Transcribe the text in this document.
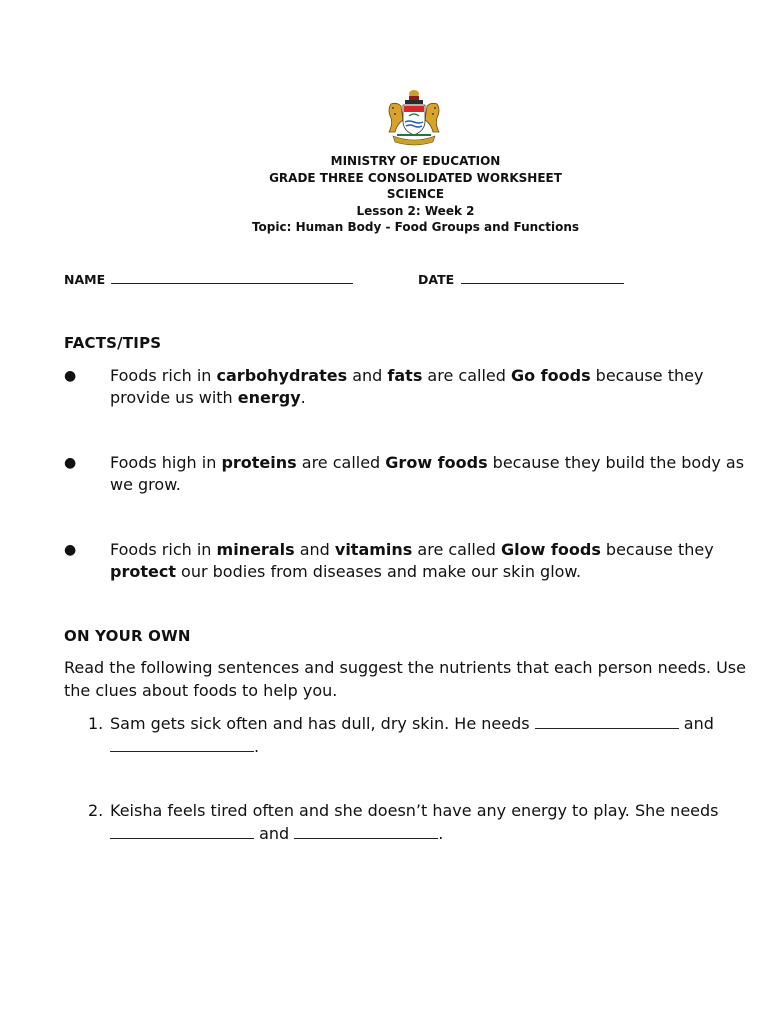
MINISTRY OF EDUCATION
GRADE THREE CONSOLIDATED WORKSHEET
SCIENCE
Lesson 2: Week 2
Topic: Human Body - Food Groups and Functions
NAME	DATE
FACTS/TIPS
● Foods rich in carbohydrates and fats are called Go foods because they provide us with energy.
● Foods high in proteins are called Grow foods because they build the body as we grow.
● Foods rich in minerals and vitamins are called Glow foods because they protect our bodies from diseases and make our skin glow.
ON YOUR OWN
Read the following sentences and suggest the nutrients that each person needs. Use the clues about foods to help you.
1. Sam gets sick often and has dull, dry skin. He needs	and .
2. Keisha feels tired often and she doesn’t have any energy to play. She needs  and	.
